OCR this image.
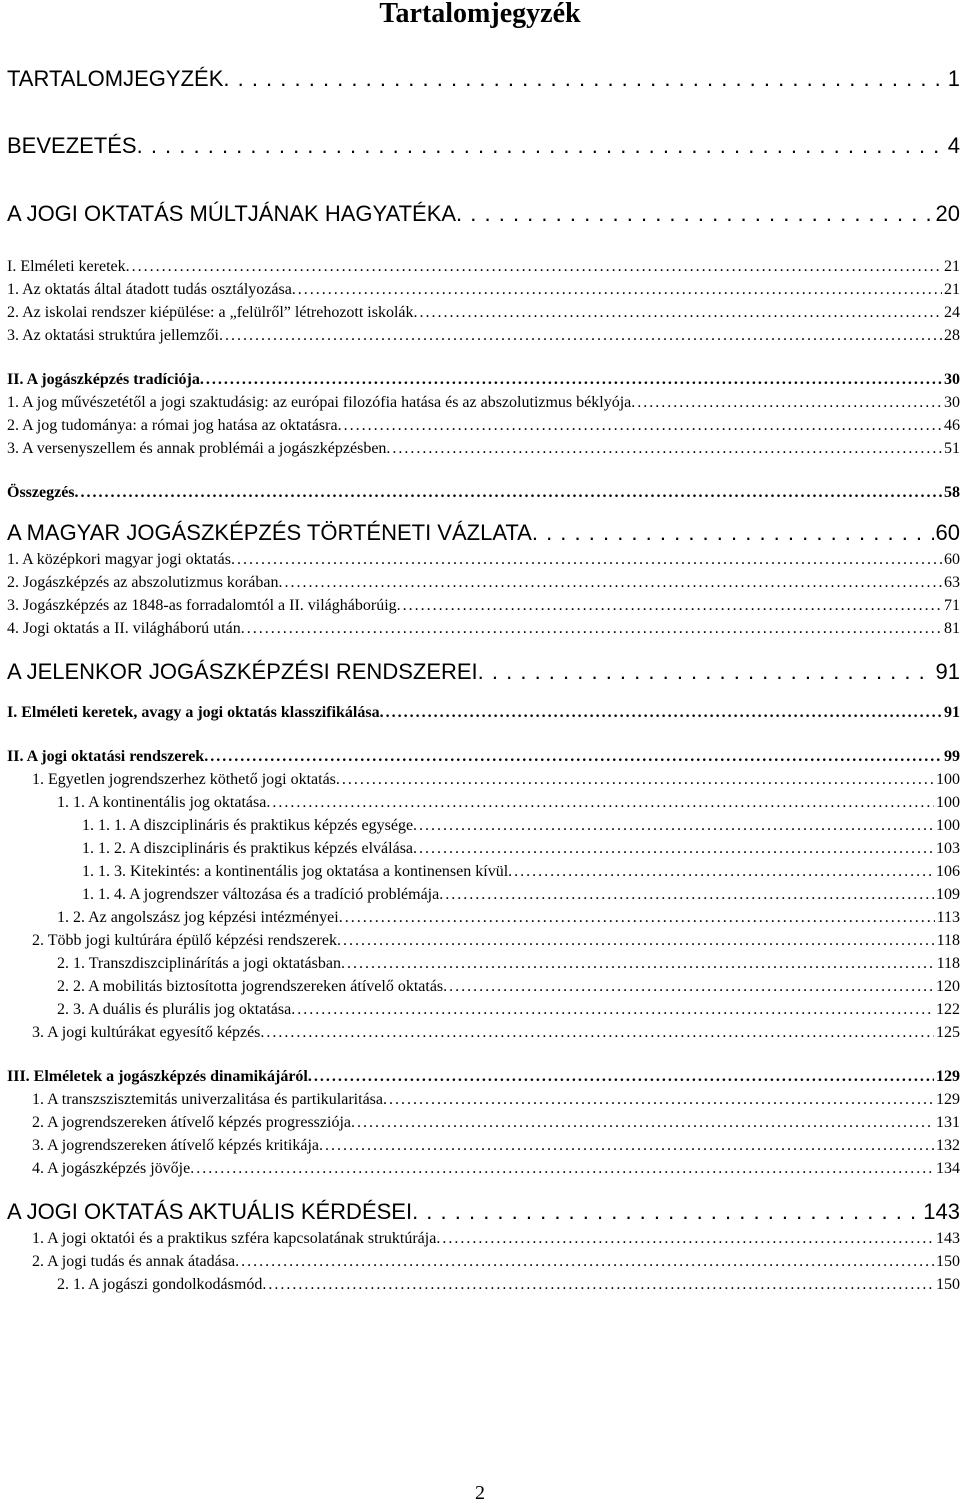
Tartalomjegyzék
TARTALOMJEGYZÉK . . .	1
BEVEZETÉS . . .	4
A JOGI OKTATÁS MÚLTJÁNAK HAGYATÉKA . . .	20
I. Elméleti keretek . . .	21
1. Az oktatás által átadott tudás osztályozása . . .	21
2. Az iskolai rendszer kiépülése: a „felülről” létrehozott iskolák . . .	24
3. Az oktatási struktúra jellemzői . . .	28
II. A jogászképzés tradíciója . . .	30
1. A jog művészetétől a jogi szaktudásig: az európai filozófia hatása és az abszolutizmus béklyója . . .	30
2. A jog tudománya: a római jog hatása az oktatásra . . .	46
3. A versenyszellem és annak problémái a jogászképzésben . . .	51
Összegzés . . .	58
A MAGYAR JOGÁSZKÉPZÉS TÖRTÉNETI VÁZLATA . . .	60
1. A középkori magyar jogi oktatás . . .	60
2. Jogászképzés az abszolutizmus korában . . .	63
3. Jogászképzés az 1848-as forradalomtól a II. világháborúig . . .	71
4. Jogi oktatás a II. világháború után . . .	81
A JELENKOR JOGÁSZKÉPZÉSI RENDSZEREI . . .	91
I. Elméleti keretek, avagy a jogi oktatás klasszifikálása . . .	91
II. A jogi oktatási rendszerek . . .	99
1. Egyetlen jogrendszerhez köthető jogi oktatás . . .	100
1. 1. A kontinentális jog oktatása . . .	100
1. 1. 1. A diszciplináris és praktikus képzés egysége . . .	100
1. 1. 2. A diszciplináris és praktikus képzés elválása . . .	103
1. 1. 3. Kitekintés: a kontinentális jog oktatása a kontinensen kívül . . .	106
1. 1. 4. A jogrendszer változása és a tradíció problémája . . .	109
1. 2. Az angolszász jog képzési intézményei . . .	113
2. Több jogi kultúrára épülő képzési rendszerek . . .	118
2. 1. Transzdiszciplinárítás a jogi oktatásban . . .	118
2. 2. A mobilitás biztosította jogrendszereken átívelő oktatás . . .	120
2. 3. A duális és plurális jog oktatása . . .	122
3. A jogi kultúrákat egyesítő képzés . . .	125
III. Elméletek a jogászképzés dinamikájáról . . .	129
1. A transzszisztemitás univerzalitása és partikularitása . . .	129
2. A jogrendszereken átívelő képzés progressziója . . .	131
3. A jogrendszereken átívelő képzés kritikája . . .	132
4. A jogászképzés jövője . . .	134
A JOGI OKTATÁS AKTUÁLIS KÉRDÉSEI . . .	143
1. A jogi oktatói és a praktikus szféra kapcsolatának struktúrája . . .	143
2. A jogi tudás és annak átadása . . .	150
2. 1. A jogászi gondolkodásmód . . .	150
2
